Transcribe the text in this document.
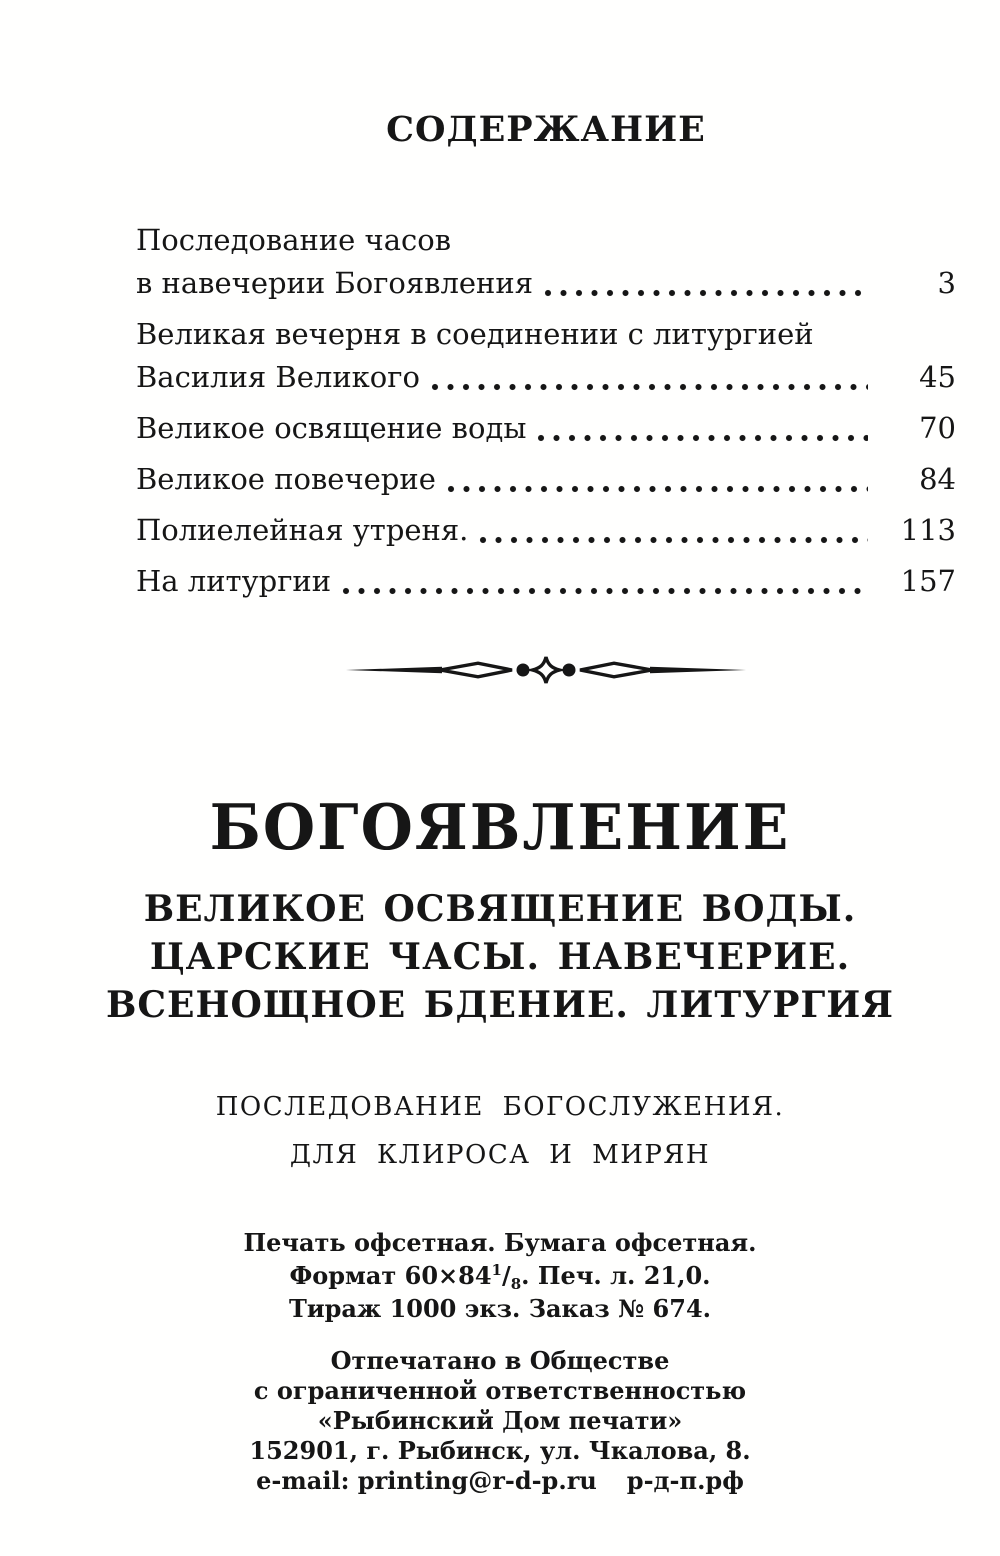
СОДЕРЖАНИЕ
Последование часов
в навечерии Богоявления	3
Великая вечерня в соединении с литургией
Василия Великого	45
Великое освящение воды	70
Великое повечерие	84
Полиелейная утреня.	113
На литургии	157
БОГОЯВЛЕНИЕ
ВЕЛИКОЕ ОСВЯЩЕНИЕ ВОДЫ.
ЦАРСКИЕ ЧАСЫ. НАВЕЧЕРИЕ.
ВСЕНОЩНОЕ БДЕНИЕ. ЛИТУРГИЯ
ПОСЛЕДОВАНИЕ БОГОСЛУЖЕНИЯ.
ДЛЯ КЛИРОСА И МИРЯН
Печать офсетная. Бумага офсетная.
Формат $60\times 84^1/_8$. Печ. л. 21,0.
Тираж 1000 экз. Заказ № 674.
Отпечатано в Обществе
с ограниченной ответственностью
«Рыбинский Дом печати»
152901, г. Рыбинск, ул. Чкалова, 8.
e-mail: printing@r-d-p.ru р-д-п.рф
